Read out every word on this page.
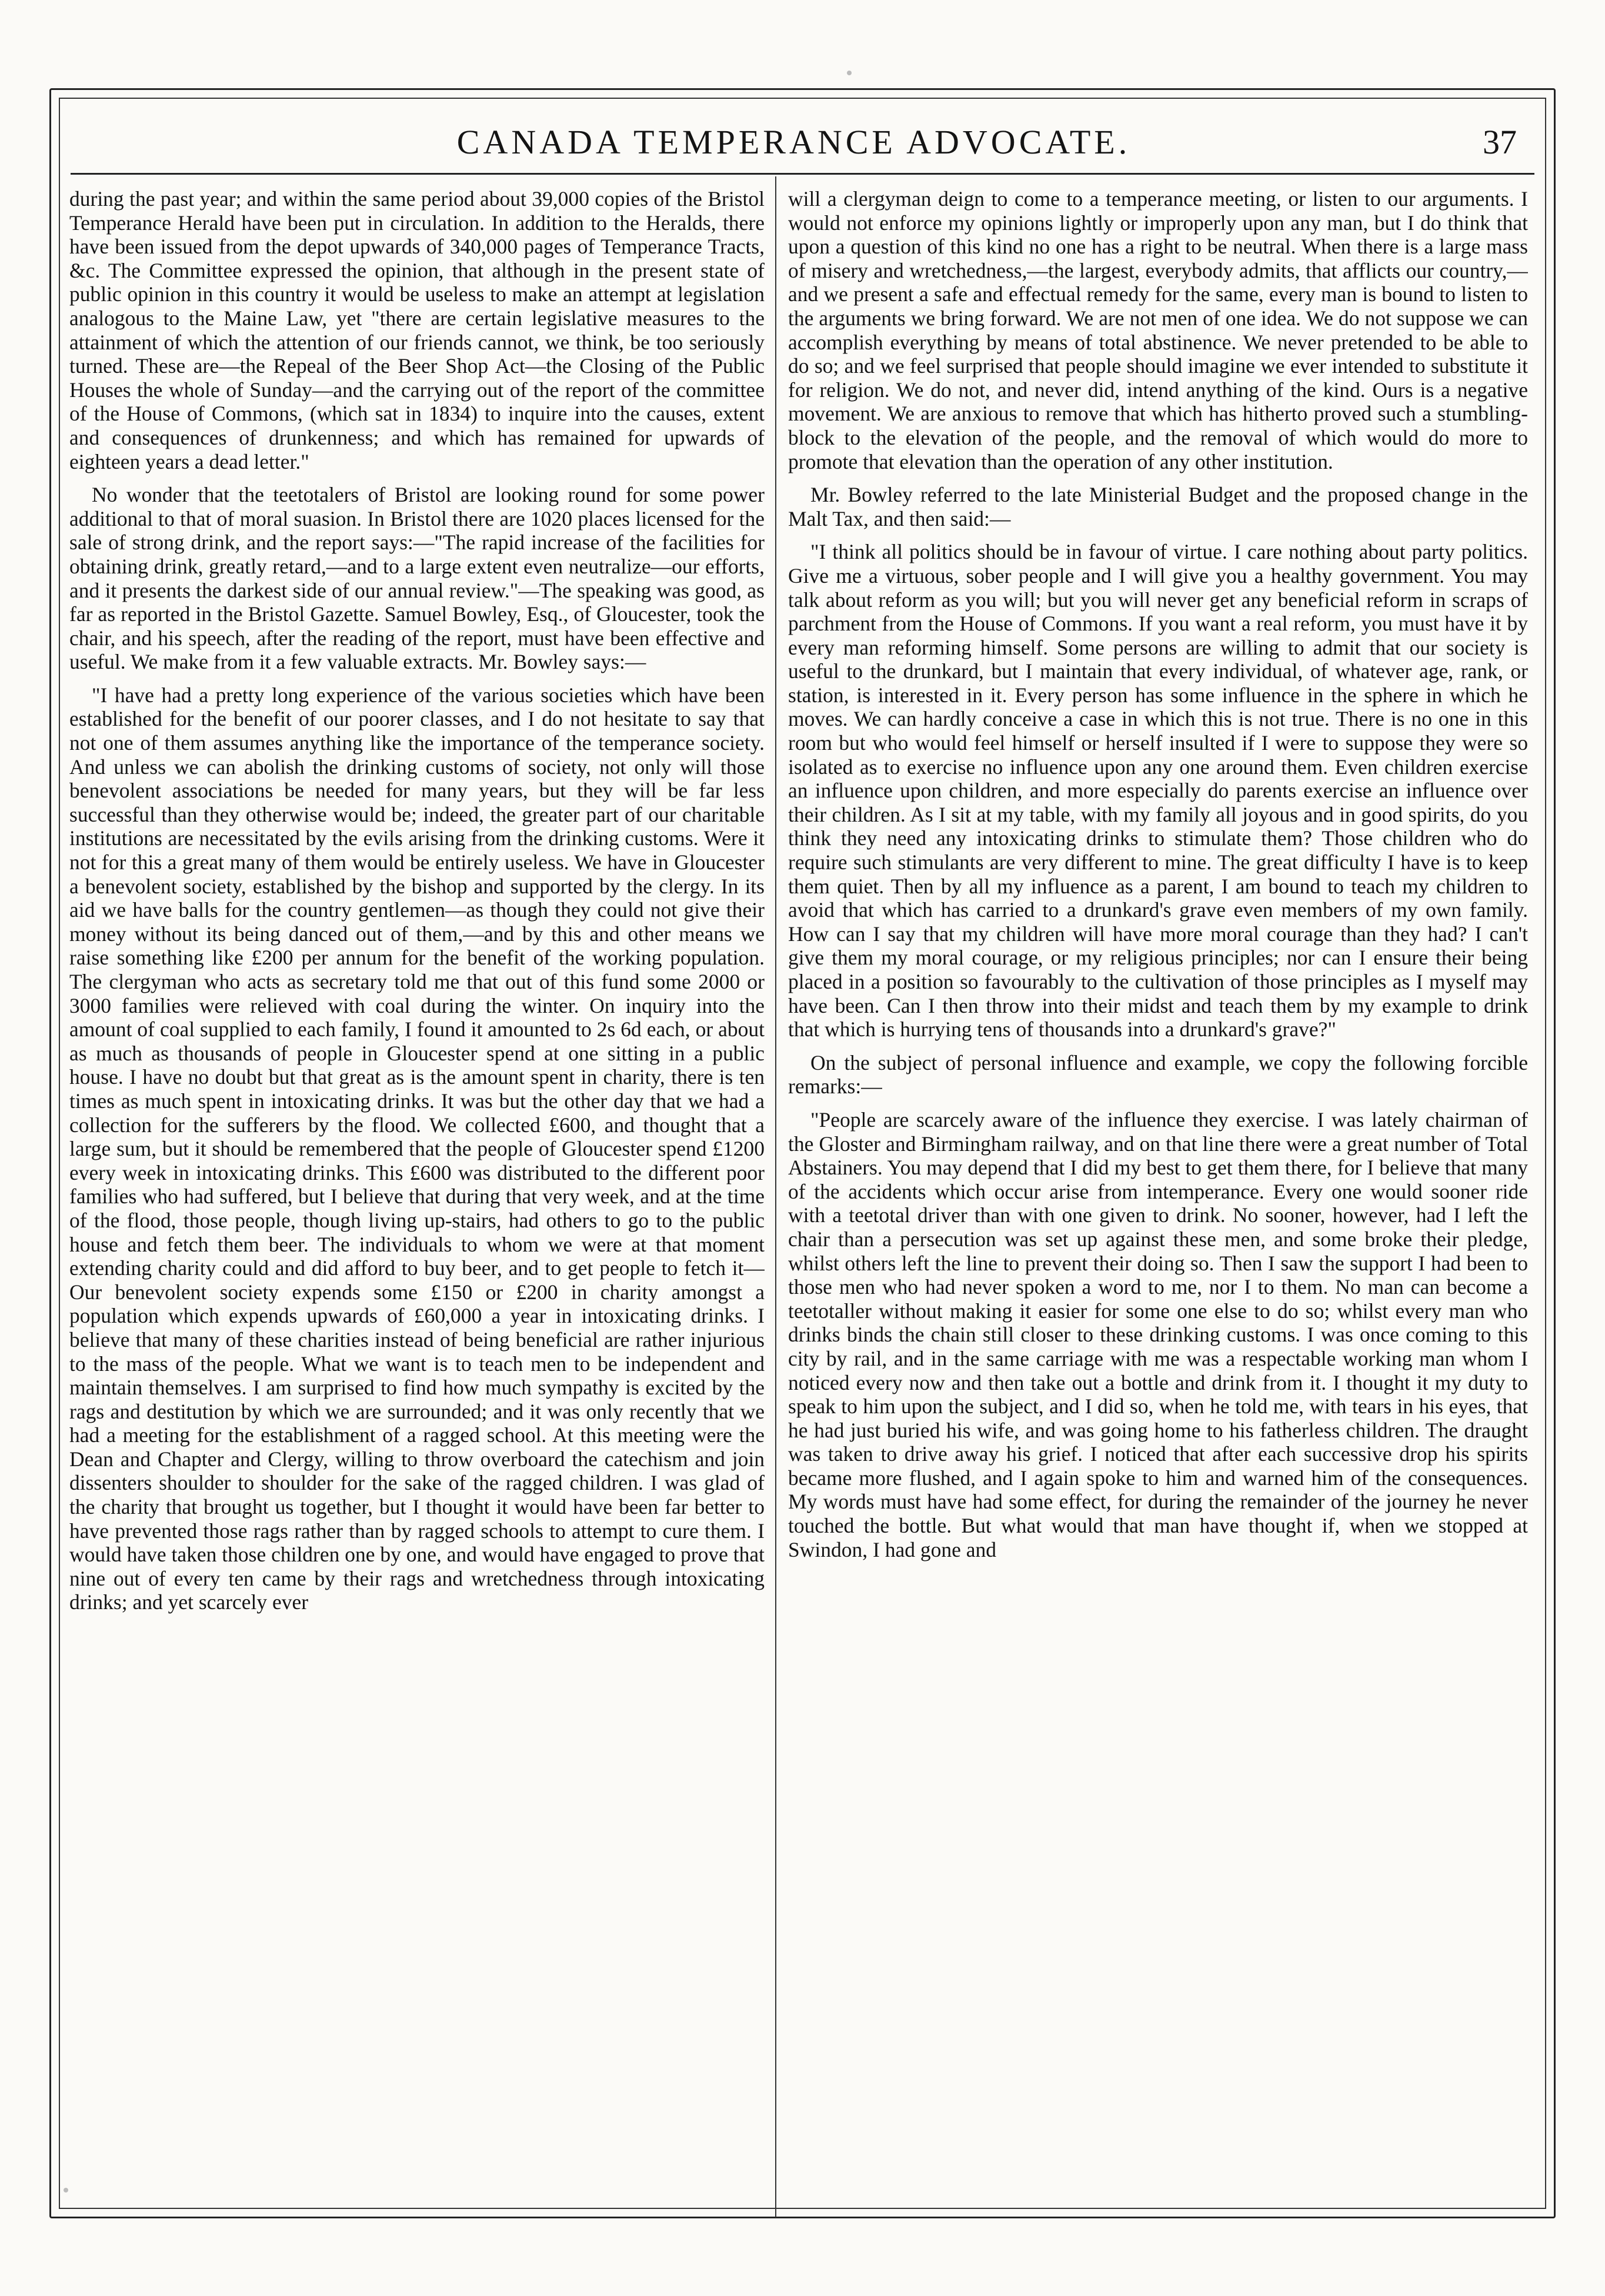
CANADA TEMPERANCE ADVOCATE.	37

during the past year; and within the same period about 39,000 copies of the Bristol Temperance Herald have been put in circulation. In addition to the Heralds, there have been issued from the depot upwards of 340,000 pages of Temperance Tracts, &c. The Committee expressed the opinion, that although in the present state of public opinion in this country it would be useless to make an attempt at legislation analogous to the Maine Law, yet "there are certain legislative measures to the attainment of which the attention of our friends cannot, we think, be too seriously turned. These are—the Repeal of the Beer Shop Act—the Closing of the Public Houses the whole of Sunday—and the carrying out of the report of the committee of the House of Commons, (which sat in 1834) to inquire into the causes, extent and consequences of drunkenness; and which has remained for upwards of eighteen years a dead letter."

No wonder that the teetotalers of Bristol are looking round for some power additional to that of moral suasion. In Bristol there are 1020 places licensed for the sale of strong drink, and the report says:—"The rapid increase of the facilities for obtaining drink, greatly retard,—and to a large extent even neutralize—our efforts, and it presents the darkest side of our annual review."—The speaking was good, as far as reported in the Bristol Gazette. Samuel Bowley, Esq., of Gloucester, took the chair, and his speech, after the reading of the report, must have been effective and useful. We make from it a few valuable extracts. Mr. Bowley says:—

"I have had a pretty long experience of the various societies which have been established for the benefit of our poorer classes, and I do not hesitate to say that not one of them assumes anything like the importance of the temperance society. And unless we can abolish the drinking customs of society, not only will those benevolent associations be needed for many years, but they will be far less successful than they otherwise would be; indeed, the greater part of our charitable institutions are necessitated by the evils arising from the drinking customs. Were it not for this a great many of them would be entirely useless. We have in Gloucester a benevolent society, established by the bishop and supported by the clergy. In its aid we have balls for the country gentlemen—as though they could not give their money without its being danced out of them,—and by this and other means we raise something like £200 per annum for the benefit of the working population. The clergyman who acts as secretary told me that out of this fund some 2000 or 3000 families were relieved with coal during the winter. On inquiry into the amount of coal supplied to each family, I found it amounted to 2s 6d each, or about as much as thousands of people in Gloucester spend at one sitting in a public house. I have no doubt but that great as is the amount spent in charity, there is ten times as much spent in intoxicating drinks. It was but the other day that we had a collection for the sufferers by the flood. We collected £600, and thought that a large sum, but it should be remembered that the people of Gloucester spend £1200 every week in intoxicating drinks. This £600 was distributed to the different poor families who had suffered, but I believe that during that very week, and at the time of the flood, those people, though living up-stairs, had others to go to the public house and fetch them beer. The individuals to whom we were at that moment extending charity could and did afford to buy beer, and to get people to fetch it—Our benevolent society expends some £150 or £200 in charity amongst a population which expends upwards of £60,000 a year in intoxicating drinks. I believe that many of these charities instead of being beneficial are rather injurious to the mass of the people. What we want is to teach men to be independent and maintain themselves. I am surprised to find how much sympathy is excited by the rags and destitution by which we are surrounded; and it was only recently that we had a meeting for the establishment of a ragged school. At this meeting were the Dean and Chapter and Clergy, willing to throw overboard the catechism and join dissenters shoulder to shoulder for the sake of the ragged children. I was glad of the charity that brought us together, but I thought it would have been far better to have prevented those rags rather than by ragged schools to attempt to cure them. I would have taken those children one by one, and would have engaged to prove that nine out of every ten came by their rags and wretchedness through intoxicating drinks; and yet scarcely ever

will a clergyman deign to come to a temperance meeting, or listen to our arguments. I would not enforce my opinions lightly or improperly upon any man, but I do think that upon a question of this kind no one has a right to be neutral. When there is a large mass of misery and wretchedness,—the largest, everybody admits, that afflicts our country,—and we present a safe and effectual remedy for the same, every man is bound to listen to the arguments we bring forward. We are not men of one idea. We do not suppose we can accomplish everything by means of total abstinence. We never pretended to be able to do so; and we feel surprised that people should imagine we ever intended to substitute it for religion. We do not, and never did, intend anything of the kind. Ours is a negative movement. We are anxious to remove that which has hitherto proved such a stumbling-block to the elevation of the people, and the removal of which would do more to promote that elevation than the operation of any other institution.

Mr. Bowley referred to the late Ministerial Budget and the proposed change in the Malt Tax, and then said:—

"I think all politics should be in favour of virtue. I care nothing about party politics. Give me a virtuous, sober people and I will give you a healthy government. You may talk about reform as you will; but you will never get any beneficial reform in scraps of parchment from the House of Commons. If you want a real reform, you must have it by every man reforming himself. Some persons are willing to admit that our society is useful to the drunkard, but I maintain that every individual, of whatever age, rank, or station, is interested in it. Every person has some influence in the sphere in which he moves. We can hardly conceive a case in which this is not true. There is no one in this room but who would feel himself or herself insulted if I were to suppose they were so isolated as to exercise no influence upon any one around them. Even children exercise an influence upon children, and more especially do parents exercise an influence over their children. As I sit at my table, with my family all joyous and in good spirits, do you think they need any intoxicating drinks to stimulate them? Those children who do require such stimulants are very different to mine. The great difficulty I have is to keep them quiet. Then by all my influence as a parent, I am bound to teach my children to avoid that which has carried to a drunkard's grave even members of my own family. How can I say that my children will have more moral courage than they had? I can't give them my moral courage, or my religious principles; nor can I ensure their being placed in a position so favourably to the cultivation of those principles as I myself may have been. Can I then throw into their midst and teach them by my example to drink that which is hurrying tens of thousands into a drunkard's grave?"

On the subject of personal influence and example, we copy the following forcible remarks:—

"People are scarcely aware of the influence they exercise. I was lately chairman of the Gloster and Birmingham railway, and on that line there were a great number of Total Abstainers. You may depend that I did my best to get them there, for I believe that many of the accidents which occur arise from intemperance. Every one would sooner ride with a teetotal driver than with one given to drink. No sooner, however, had I left the chair than a persecution was set up against these men, and some broke their pledge, whilst others left the line to prevent their doing so. Then I saw the support I had been to those men who had never spoken a word to me, nor I to them. No man can become a teetotaller without making it easier for some one else to do so; whilst every man who drinks binds the chain still closer to these drinking customs. I was once coming to this city by rail, and in the same carriage with me was a respectable working man whom I noticed every now and then take out a bottle and drink from it. I thought it my duty to speak to him upon the subject, and I did so, when he told me, with tears in his eyes, that he had just buried his wife, and was going home to his fatherless children. The draught was taken to drive away his grief. I noticed that after each successive drop his spirits became more flushed, and I again spoke to him and warned him of the consequences. My words must have had some effect, for during the remainder of the journey he never touched the bottle. But what would that man have thought if, when we stopped at Swindon, I had gone and
